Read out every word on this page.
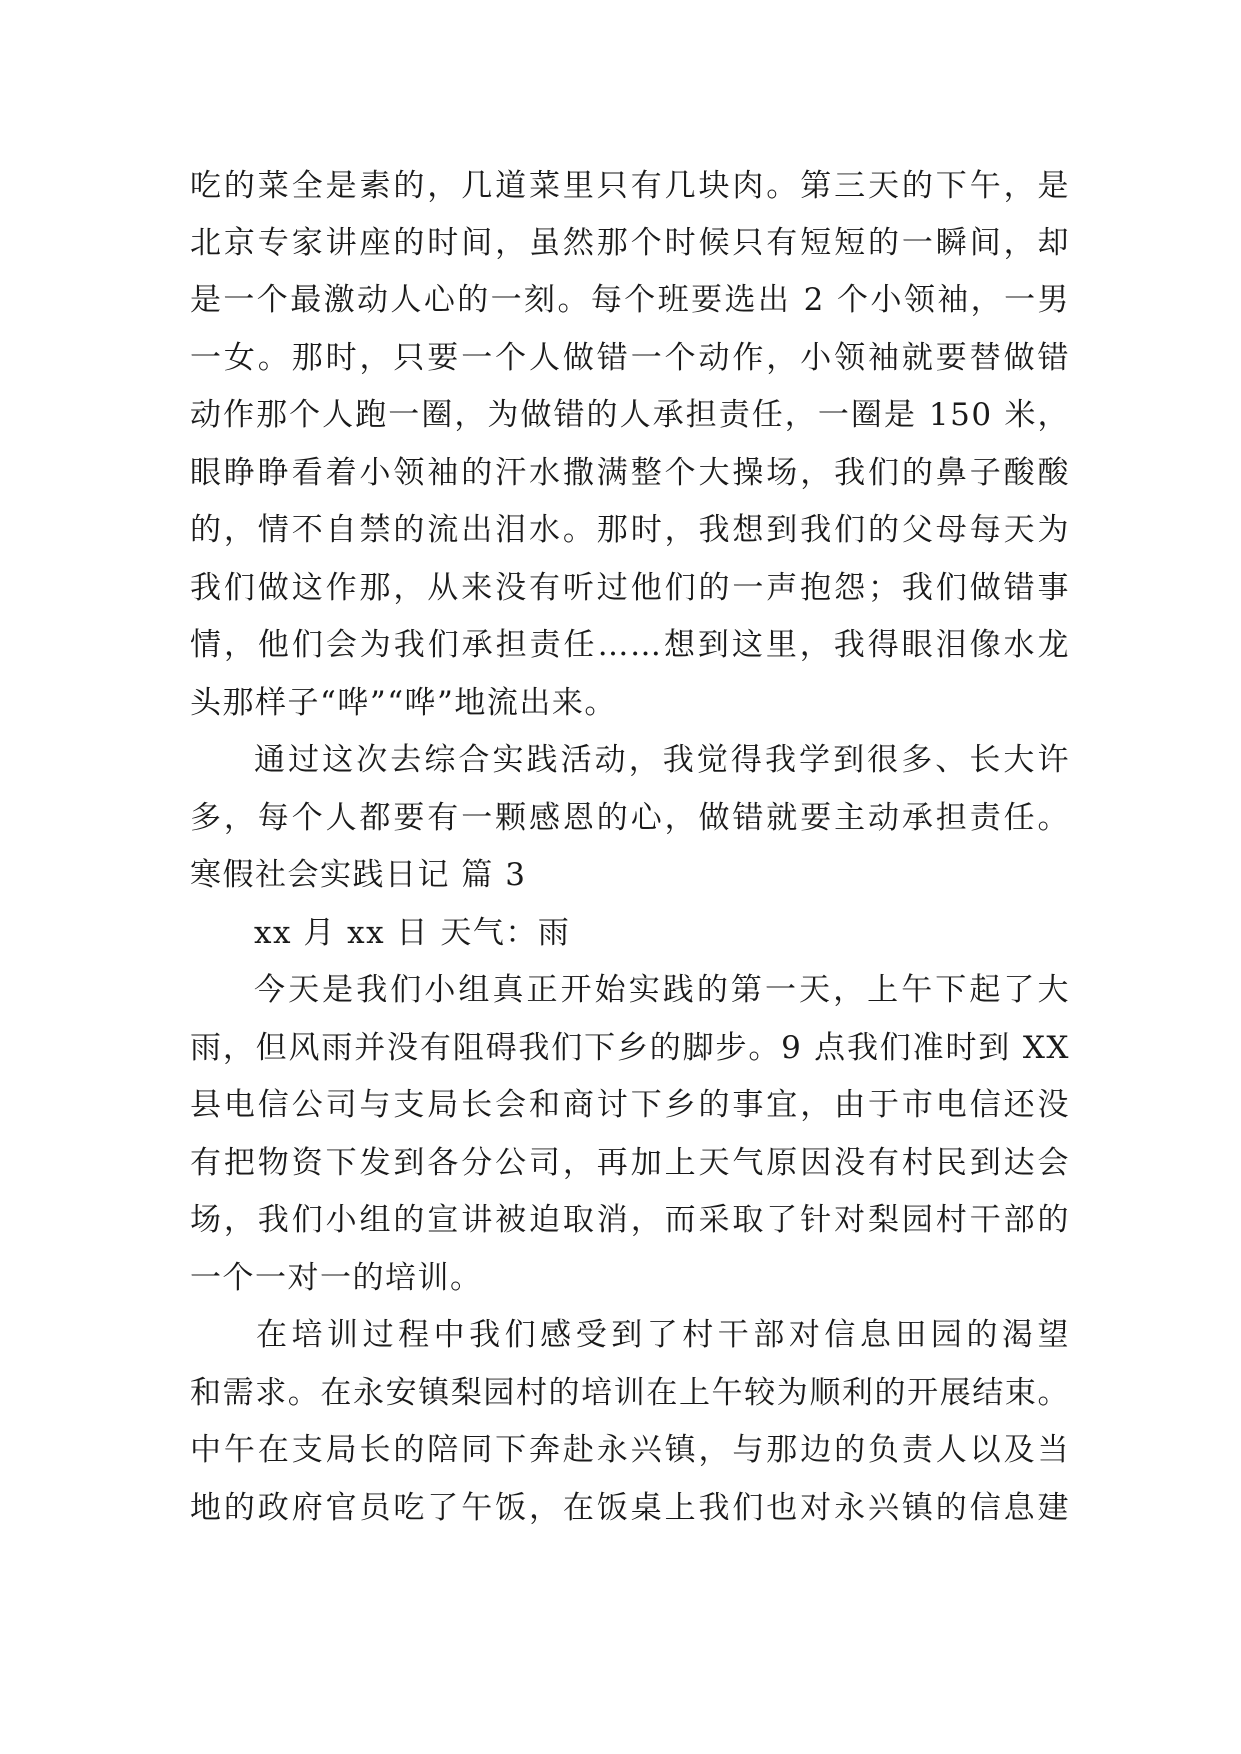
吃的菜全是素的，几道菜里只有几块肉。第三天的下午，是
北京专家讲座的时间，虽然那个时候只有短短的一瞬间，却
是一个最激动人心的一刻。每个班要选出 2 个小领袖，一男
一女。那时，只要一个人做错一个动作，小领袖就要替做错
动作那个人跑一圈，为做错的人承担责任，一圈是 150 米，
眼睁睁看着小领袖的汗水撒满整个大操场，我们的鼻子酸酸
的，情不自禁的流出泪水。那时，我想到我们的父母每天为
我们做这作那，从来没有听过他们的一声抱怨；我们做错事
情，他们会为我们承担责任……想到这里，我得眼泪像水龙
头那样子“哗”“哗”地流出来。
通过这次去综合实践活动，我觉得我学到很多、长大许
多，每个人都要有一颗感恩的心，做错就要主动承担责任。
寒假社会实践日记 篇 3
xx 月 xx 日 天气：雨
今天是我们小组真正开始实践的第一天，上午下起了大
雨，但风雨并没有阻碍我们下乡的脚步。9 点我们准时到 XX
县电信公司与支局长会和商讨下乡的事宜，由于市电信还没
有把物资下发到各分公司，再加上天气原因没有村民到达会
场，我们小组的宣讲被迫取消，而采取了针对梨园村干部的
一个一对一的培训。
在培训过程中我们感受到了村干部对信息田园的渴望
和需求。在永安镇梨园村的培训在上午较为顺利的开展结束。
中午在支局长的陪同下奔赴永兴镇，与那边的负责人以及当
地的政府官员吃了午饭，在饭桌上我们也对永兴镇的信息建
